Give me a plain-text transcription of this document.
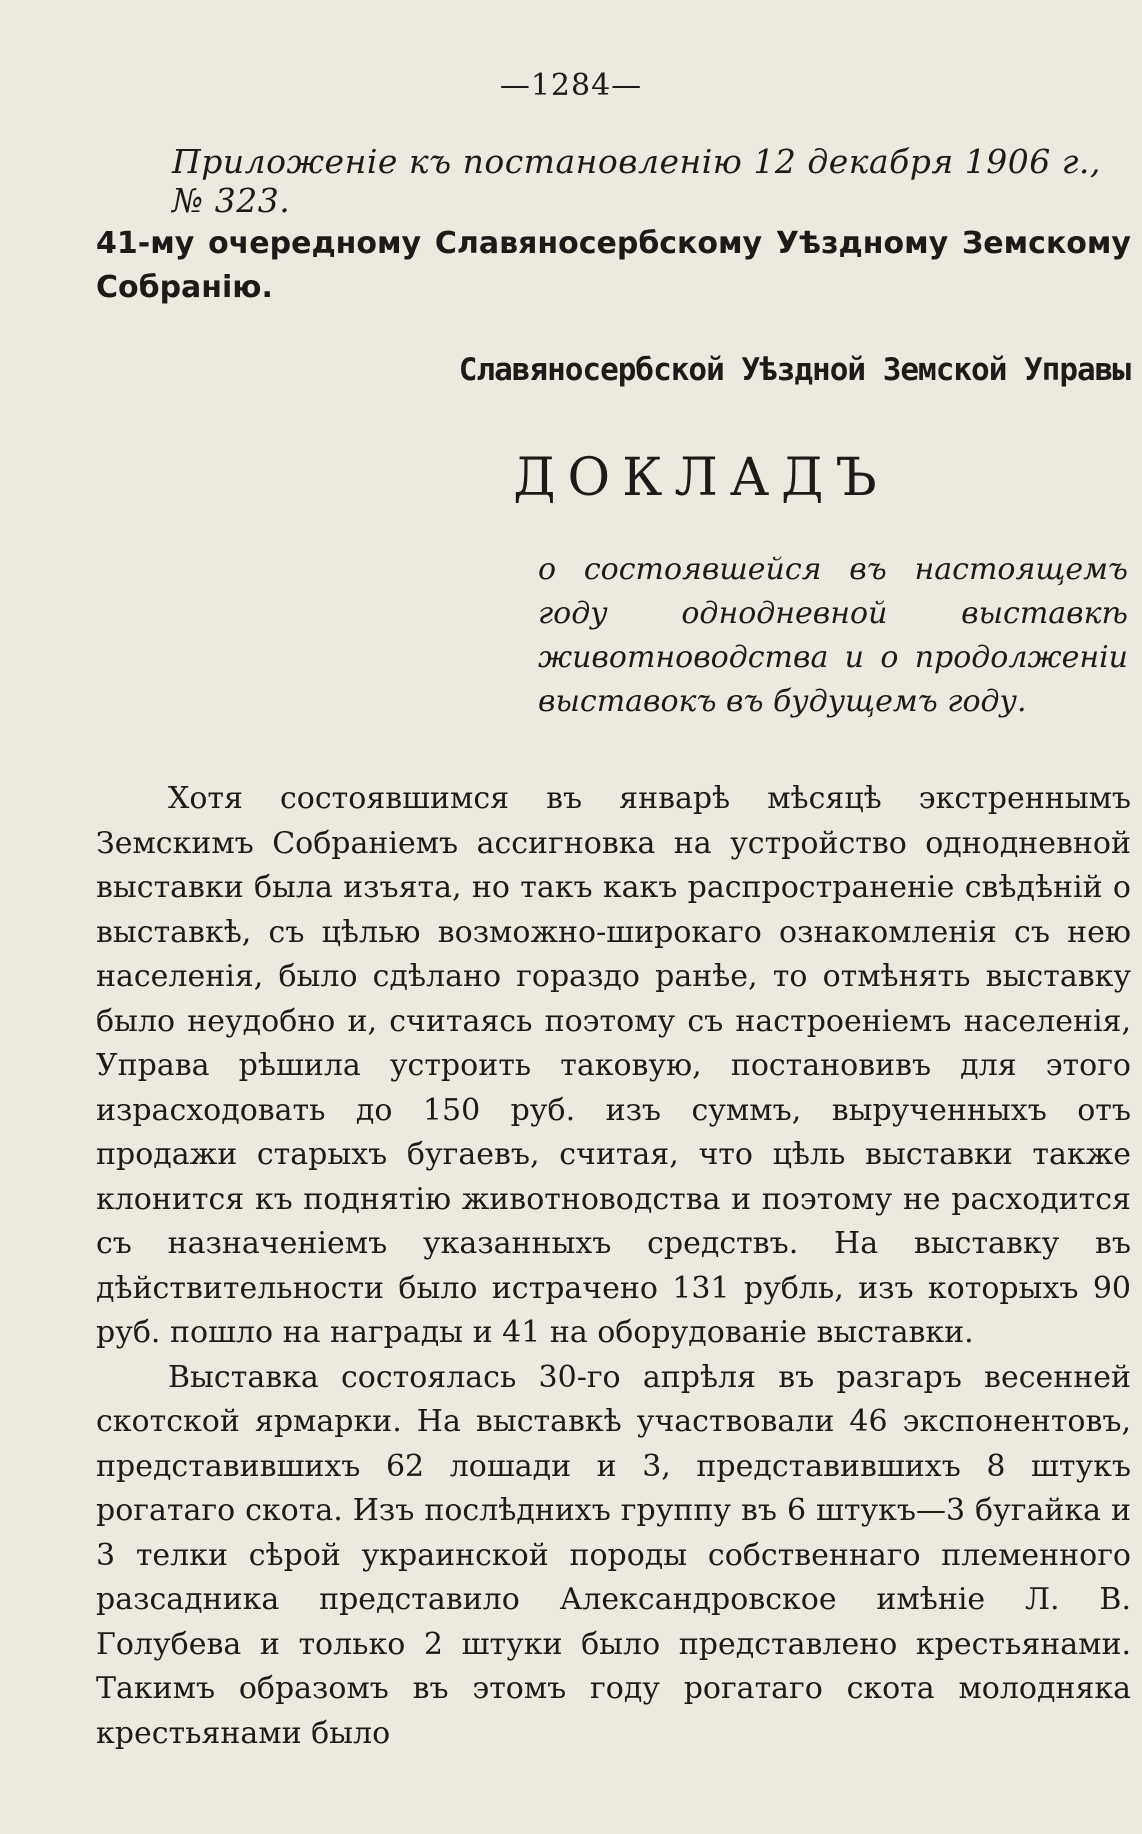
—1284—
Приложеніе къ постановленію 12 декабря 1906 г., № 323.
41-му очередному Славяносербскому Уѣздному Земскому Собранію.
Славяносербской Уѣздной Земской Управы
ДОКЛАДЪ
о состоявшейся въ настоящемъ году однодневной выставкѣ животноводства и о продолженіи выставокъ въ будущемъ году.

Хотя состоявшимся въ январѣ мѣсяцѣ экстреннымъ Земскимъ Собраніемъ ассигновка на устройство однодневной выставки была изъята, но такъ какъ распространеніе свѣдѣній о выставкѣ, съ цѣлью возможно-широкаго ознакомленія съ нею населенія, было сдѣлано гораздо ранѣе, то отмѣнять выставку было неудобно и, считаясь поэтому съ настроеніемъ населенія, Управа рѣшила устроить таковую, постановивъ для этого израсходовать до 150 руб. изъ суммъ, вырученныхъ отъ продажи старыхъ бугаевъ, считая, что цѣль выставки также клонится къ поднятію животноводства и поэтому не расходится съ назначеніемъ указанныхъ средствъ. На выставку въ дѣйствительности было истрачено 131 рубль, изъ которыхъ 90 руб. пошло на награды и 41 на оборудованіе выставки.

Выставка состоялась 30-го апрѣля въ разгаръ весенней скотской ярмарки. На выставкѣ участвовали 46 экспонентовъ, представившихъ 62 лошади и 3, представившихъ 8 штукъ рогатаго скота. Изъ послѣднихъ группу въ 6 штукъ—3 бугайка и 3 телки сѣрой украинской породы собственнаго племенного разсадника представило Александровское имѣніе Л. В. Голубева и только 2 штуки было представлено крестьянами. Такимъ образомъ въ этомъ году рогатаго скота молодняка крестьянами было
